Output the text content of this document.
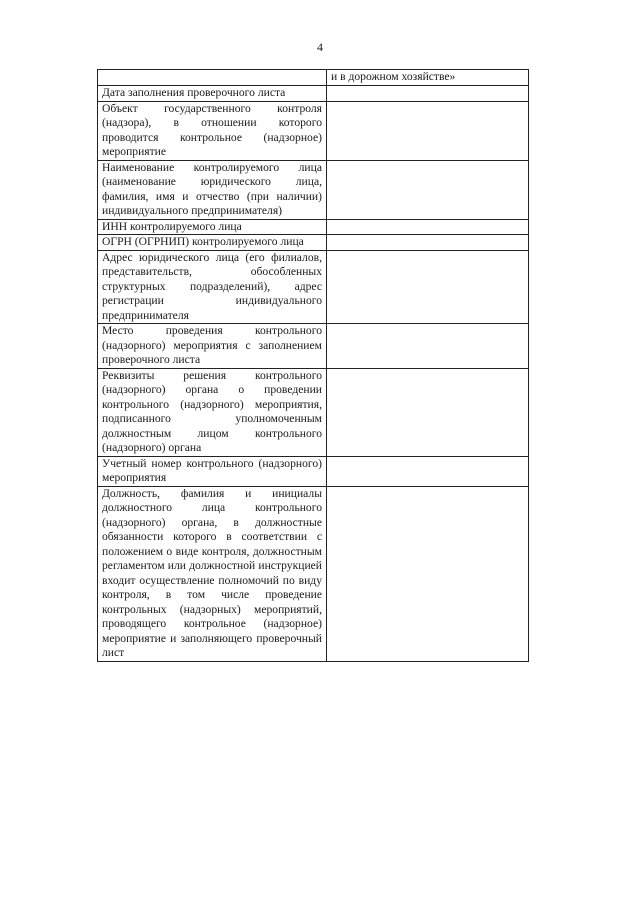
4
	и в дорожном хозяйстве»
Дата заполнения проверочного листа	
Объект государственного контроля (надзора), в отношении которого проводится контрольное (надзорное) мероприятие	
Наименование контролируемого лица (наименование юридического лица, фамилия, имя и отчество (при наличии) индивидуального предпринимателя)	
ИНН контролируемого лица	
ОГРН (ОГРНИП) контролируемого лица	
Адрес юридического лица (его филиалов, представительств, обособленных структурных подразделений), адрес регистрации индивидуального предпринимателя	
Место проведения контрольного (надзорного) мероприятия с заполнением проверочного листа	
Реквизиты решения контрольного (надзорного) органа о проведении контрольного (надзорного) мероприятия, подписанного уполномоченным должностным лицом контрольного (надзорного) органа	
Учетный номер контрольного (надзорного) мероприятия	
Должность, фамилия и инициалы должностного лица контрольного (надзорного) органа, в должностные обязанности которого в соответствии с положением о виде контроля, должностным регламентом или должностной инструкцией входит осуществление полномочий по виду контроля, в том числе проведение контрольных (надзорных) мероприятий, проводящего контрольное (надзорное) мероприятие и заполняющего проверочный лист	
